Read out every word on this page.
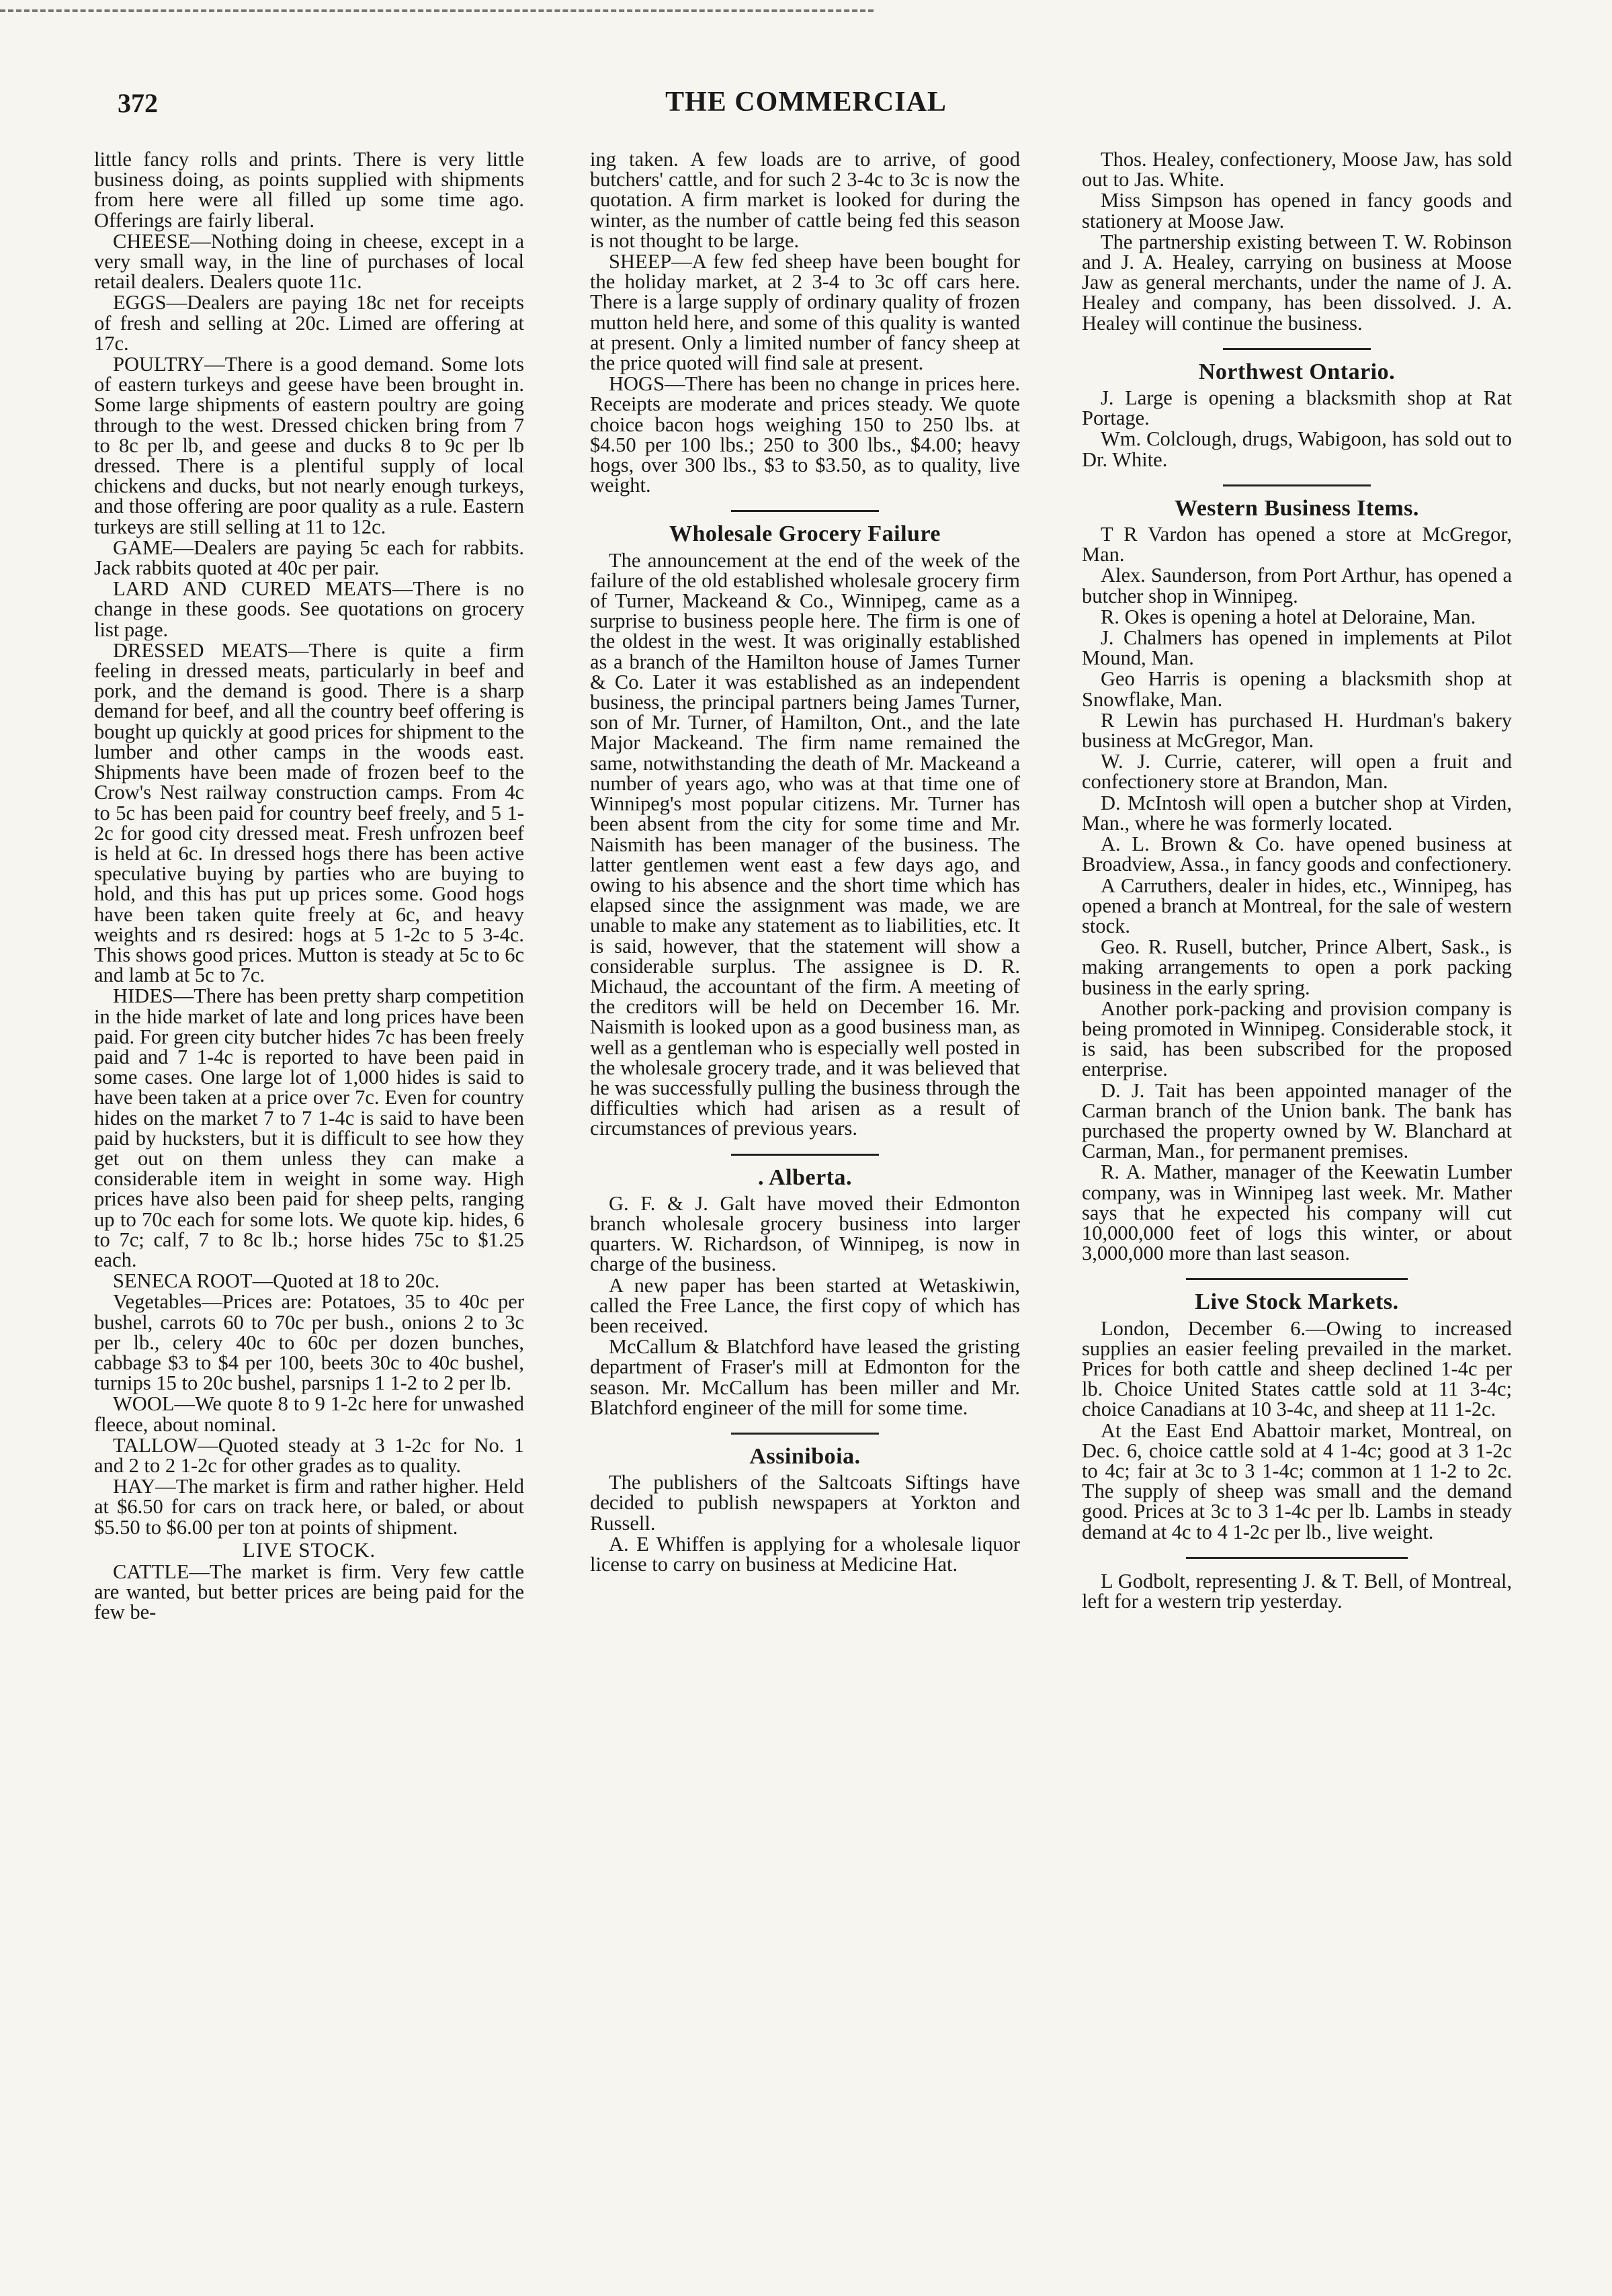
372	THE COMMERCIAL

little fancy rolls and prints. There is very little business doing, as points supplied with shipments from here were all filled up some time ago. Offerings are fairly liberal.

CHEESE—Nothing doing in cheese, except in a very small way, in the line of purchases of local retail dealers. Dealers quote 11c.

EGGS—Dealers are paying 18c net for receipts of fresh and selling at 20c. Limed are offering at 17c.

POULTRY—There is a good demand. Some lots of eastern turkeys and geese have been brought in. Some large shipments of eastern poultry are going through to the west. Dressed chicken bring from 7 to 8c per lb, and geese and ducks 8 to 9c per lb dressed. There is a plentiful supply of local chickens and ducks, but not nearly enough turkeys, and those offering are poor quality as a rule. Eastern turkeys are still selling at 11 to 12c.

GAME—Dealers are paying 5c each for rabbits. Jack rabbits quoted at 40c per pair.

LARD AND CURED MEATS—There is no change in these goods. See quotations on grocery list page.

DRESSED MEATS—There is quite a firm feeling in dressed meats, particularly in beef and pork, and the demand is good. There is a sharp demand for beef, and all the country beef offering is bought up quickly at good prices for shipment to the lumber and other camps in the woods east. Shipments have been made of frozen beef to the Crow's Nest railway construction camps. From 4c to 5c has been paid for country beef freely, and 5 1-2c for good city dressed meat. Fresh unfrozen beef is held at 6c. In dressed hogs there has been active speculative buying by parties who are buying to hold, and this has put up prices some. Good hogs have been taken quite freely at 6c, and heavy weights and rs desired: hogs at 5 1-2c to 5 3-4c. This shows good prices. Mutton is steady at 5c to 6c and lamb at 5c to 7c.

HIDES—There has been pretty sharp competition in the hide market of late and long prices have been paid. For green city butcher hides 7c has been freely paid and 7 1-4c is reported to have been paid in some cases. One large lot of 1,000 hides is said to have been taken at a price over 7c. Even for country hides on the market 7 to 7 1-4c is said to have been paid by hucksters, but it is difficult to see how they get out on them unless they can make a considerable item in weight in some way. High prices have also been paid for sheep pelts, ranging up to 70c each for some lots. We quote kip. hides, 6 to 7c; calf, 7 to 8c lb.; horse hides 75c to $1.25 each.

SENECA ROOT—Quoted at 18 to 20c.

Vegetables—Prices are: Potatoes, 35 to 40c per bushel, carrots 60 to 70c per bush., onions 2 to 3c per lb., celery 40c to 60c per dozen bunches, cabbage $3 to $4 per 100, beets 30c to 40c bushel, turnips 15 to 20c bushel, parsnips 1 1-2 to 2 per lb.

WOOL—We quote 8 to 9 1-2c here for unwashed fleece, about nominal.

TALLOW—Quoted steady at 3 1-2c for No. 1 and 2 to 2 1-2c for other grades as to quality.

HAY—The market is firm and rather higher. Held at $6.50 for cars on track here, or baled, or about $5.50 to $6.00 per ton at points of shipment.

LIVE STOCK.

CATTLE—The market is firm. Very few cattle are wanted, but better prices are being paid for the few be-

ing taken. A few loads are to arrive, of good butchers' cattle, and for such 2 3-4c to 3c is now the quotation. A firm market is looked for during the winter, as the number of cattle being fed this season is not thought to be large.

SHEEP—A few fed sheep have been bought for the holiday market, at 2 3-4 to 3c off cars here. There is a large supply of ordinary quality of frozen mutton held here, and some of this quality is wanted at present. Only a limited number of fancy sheep at the price quoted will find sale at present.

HOGS—There has been no change in prices here. Receipts are moderate and prices steady. We quote choice bacon hogs weighing 150 to 250 lbs. at $4.50 per 100 lbs.; 250 to 300 lbs., $4.00; heavy hogs, over 300 lbs., $3 to $3.50, as to quality, live weight.

Wholesale Grocery Failure

The announcement at the end of the week of the failure of the old established wholesale grocery firm of Turner, Mackeand & Co., Winnipeg, came as a surprise to business people here. The firm is one of the oldest in the west. It was originally established as a branch of the Hamilton house of James Turner & Co. Later it was established as an independent business, the principal partners being James Turner, son of Mr. Turner, of Hamilton, Ont., and the late Major Mackeand. The firm name remained the same, notwithstanding the death of Mr. Mackeand a number of years ago, who was at that time one of Winnipeg's most popular citizens. Mr. Turner has been absent from the city for some time and Mr. Naismith has been manager of the business. The latter gentlemen went east a few days ago, and owing to his absence and the short time which has elapsed since the assignment was made, we are unable to make any statement as to liabilities, etc. It is said, however, that the statement will show a considerable surplus. The assignee is D. R. Michaud, the accountant of the firm. A meeting of the creditors will be held on December 16. Mr. Naismith is looked upon as a good business man, as well as a gentleman who is especially well posted in the wholesale grocery trade, and it was believed that he was successfully pulling the business through the difficulties which had arisen as a result of circumstances of previous years.

. Alberta.

G. F. & J. Galt have moved their Edmonton branch wholesale grocery business into larger quarters. W. Richardson, of Winnipeg, is now in charge of the business.

A new paper has been started at Wetaskiwin, called the Free Lance, the first copy of which has been received.

McCallum & Blatchford have leased the gristing department of Fraser's mill at Edmonton for the season. Mr. McCallum has been miller and Mr. Blatchford engineer of the mill for some time.

Assiniboia.

The publishers of the Saltcoats Siftings have decided to publish newspapers at Yorkton and Russell.

A. E Whiffen is applying for a wholesale liquor license to carry on business at Medicine Hat.

Thos. Healey, confectionery, Moose Jaw, has sold out to Jas. White.

Miss Simpson has opened in fancy goods and stationery at Moose Jaw.

The partnership existing between T. W. Robinson and J. A. Healey, carrying on business at Moose Jaw as general merchants, under the name of J. A. Healey and company, has been dissolved. J. A. Healey will continue the business.

Northwest Ontario.

J. Large is opening a blacksmith shop at Rat Portage.

Wm. Colclough, drugs, Wabigoon, has sold out to Dr. White.

Western Business Items.

T R Vardon has opened a store at McGregor, Man.

Alex. Saunderson, from Port Arthur, has opened a butcher shop in Winnipeg.

R. Okes is opening a hotel at Deloraine, Man.

J. Chalmers has opened in implements at Pilot Mound, Man.

Geo Harris is opening a blacksmith shop at Snowflake, Man.

R Lewin has purchased H. Hurdman's bakery business at McGregor, Man.

W. J. Currie, caterer, will open a fruit and confectionery store at Brandon, Man.

D. McIntosh will open a butcher shop at Virden, Man., where he was formerly located.

A. L. Brown & Co. have opened business at Broadview, Assa., in fancy goods and confectionery.

A Carruthers, dealer in hides, etc., Winnipeg, has opened a branch at Montreal, for the sale of western stock.

Geo. R. Rusell, butcher, Prince Albert, Sask., is making arrangements to open a pork packing business in the early spring.

Another pork-packing and provision company is being promoted in Winnipeg. Considerable stock, it is said, has been subscribed for the proposed enterprise.

D. J. Tait has been appointed manager of the Carman branch of the Union bank. The bank has purchased the property owned by W. Blanchard at Carman, Man., for permanent premises.

R. A. Mather, manager of the Keewatin Lumber company, was in Winnipeg last week. Mr. Mather says that he expected his company will cut 10,000,000 feet of logs this winter, or about 3,000,000 more than last season.

Live Stock Markets.

London, December 6.—Owing to increased supplies an easier feeling prevailed in the market. Prices for both cattle and sheep declined 1-4c per lb. Choice United States cattle sold at 11 3-4c; choice Canadians at 10 3-4c, and sheep at 11 1-2c.

At the East End Abattoir market, Montreal, on Dec. 6, choice cattle sold at 4 1-4c; good at 3 1-2c to 4c; fair at 3c to 3 1-4c; common at 1 1-2 to 2c. The supply of sheep was small and the demand good. Prices at 3c to 3 1-4c per lb. Lambs in steady demand at 4c to 4 1-2c per lb., live weight.

L Godbolt, representing J. & T. Bell, of Montreal, left for a western trip yesterday.
